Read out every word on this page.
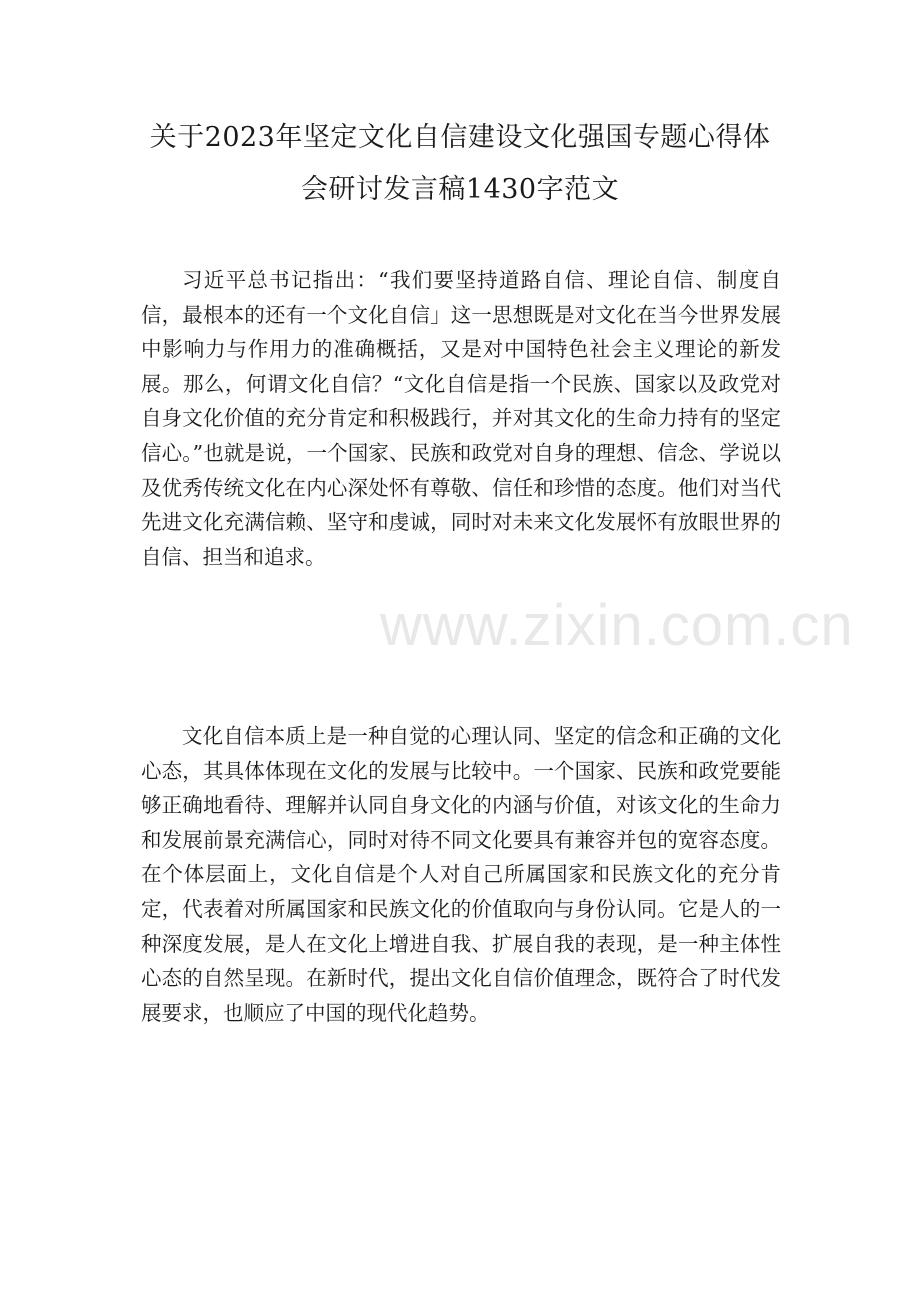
关于2023年坚定文化自信建设文化强国专题心得体
会研讨发言稿1430字范文

习近平总书记指出：“我们要坚持道路自信、理论自信、制度自信，最根本的还有一个文化自信」这一思想既是对文化在当今世界发展中影响力与作用力的准确概括，又是对中国特色社会主义理论的新发展。那么，何谓文化自信？“文化自信是指一个民族、国家以及政党对自身文化价值的充分肯定和积极践行，并对其文化的生命力持有的坚定信心。”也就是说，一个国家、民族和政党对自身的理想、信念、学说以及优秀传统文化在内心深处怀有尊敬、信任和珍惜的态度。他们对当代先进文化充满信赖、坚守和虔诚，同时对未来文化发展怀有放眼世界的自信、担当和追求。

www.zixin.com.cn

文化自信本质上是一种自觉的心理认同、坚定的信念和正确的文化心态，其具体体现在文化的发展与比较中。一个国家、民族和政党要能够正确地看待、理解并认同自身文化的内涵与价值，对该文化的生命力和发展前景充满信心，同时对待不同文化要具有兼容并包的宽容态度。在个体层面上，文化自信是个人对自己所属国家和民族文化的充分肯定，代表着对所属国家和民族文化的价值取向与身份认同。它是人的一种深度发展，是人在文化上增进自我、扩展自我的表现，是一种主体性心态的自然呈现。在新时代，提出文化自信价值理念，既符合了时代发展要求，也顺应了中国的现代化趋势。
